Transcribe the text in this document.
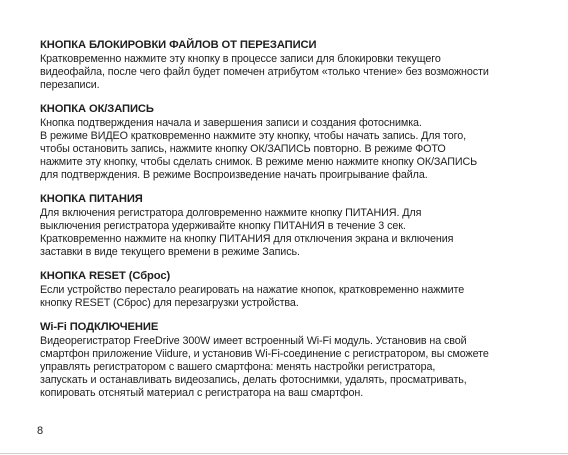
КНОПКА БЛОКИРОВКИ ФАЙЛОВ ОТ ПЕРЕЗАПИСИ
Кратковременно нажмите эту кнопку в процессе записи для блокировки текущего
видеофайла, после чего файл будет помечен атрибутом «только чтение» без возможности
перезаписи.
КНОПКА ОК/ЗАПИСЬ
Кнопка подтверждения начала и завершения записи и создания фотоснимка.
В режиме ВИДЕО кратковременно нажмите эту кнопку, чтобы начать запись. Для того,
чтобы остановить запись, нажмите кнопку ОК/ЗАПИСЬ повторно. В режиме ФОТО
нажмите эту кнопку, чтобы сделать снимок. В режиме меню нажмите кнопку ОК/ЗАПИСЬ
для подтверждения. В режиме Воспроизведение начать проигрывание файла.
КНОПКА ПИТАНИЯ
Для включения регистратора долговременно нажмите кнопку ПИТАНИЯ. Для
выключения регистратора удерживайте кнопку ПИТАНИЯ в течение 3 сек.
Кратковременно нажмите на кнопку ПИТАНИЯ для отключения экрана и включения
заставки в виде текущего времени в режиме Запись.
КНОПКА RESET (Сброс)
Если устройство перестало реагировать на нажатие кнопок, кратковременно нажмите
кнопку RESET (Сброс) для перезагрузки устройства.
Wi-Fi ПОДКЛЮЧЕНИЕ
Видеорегистратор FreeDrive 300W имеет встроенный Wi-Fi модуль. Установив на свой
смартфон приложение Viidure, и установив Wi-Fi-соединение с регистратором, вы сможете
управлять регистратором с вашего смартфона: менять настройки регистратора,
запускать и останавливать видеозапись, делать фотоснимки, удалять, просматривать,
копировать отснятый материал с регистратора на ваш смартфон.
8
